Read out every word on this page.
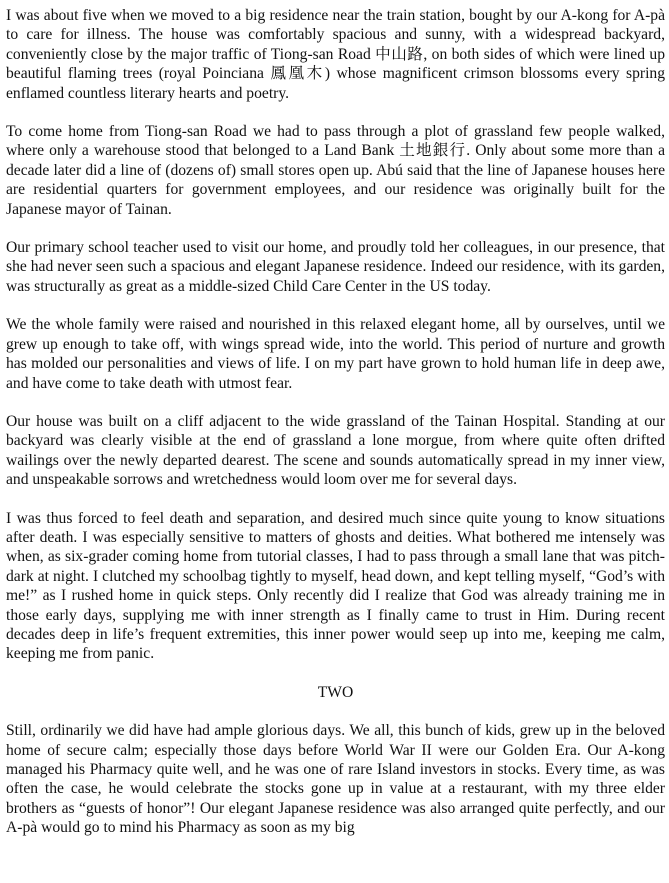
I was about five when we moved to a big residence near the train station, bought by our A-kong for A-pà to care for illness. The house was comfortably spacious and sunny, with a widespread backyard, conveniently close by the major traffic of Tiong-san Road 中山路, on both sides of which were lined up beautiful flaming trees (royal Poinciana 鳳凰木) whose magnificent crimson blossoms every spring enflamed countless literary hearts and poetry.

To come home from Tiong-san Road we had to pass through a plot of grassland few people walked, where only a warehouse stood that belonged to a Land Bank 土地銀行. Only about some more than a decade later did a line of (dozens of) small stores open up. Abú said that the line of Japanese houses here are residential quarters for government employees, and our residence was originally built for the Japanese mayor of Tainan.

Our primary school teacher used to visit our home, and proudly told her colleagues, in our presence, that she had never seen such a spacious and elegant Japanese residence. Indeed our residence, with its garden, was structurally as great as a middle-sized Child Care Center in the US today.

We the whole family were raised and nourished in this relaxed elegant home, all by ourselves, until we grew up enough to take off, with wings spread wide, into the world. This period of nurture and growth has molded our personalities and views of life. I on my part have grown to hold human life in deep awe, and have come to take death with utmost fear.

Our house was built on a cliff adjacent to the wide grassland of the Tainan Hospital. Standing at our backyard was clearly visible at the end of grassland a lone morgue, from where quite often drifted wailings over the newly departed dearest. The scene and sounds automatically spread in my inner view, and unspeakable sorrows and wretchedness would loom over me for several days.

I was thus forced to feel death and separation, and desired much since quite young to know situations after death. I was especially sensitive to matters of ghosts and deities. What bothered me intensely was when, as six-grader coming home from tutorial classes, I had to pass through a small lane that was pitch-dark at night. I clutched my schoolbag tightly to myself, head down, and kept telling myself, “God’s with me!” as I rushed home in quick steps. Only recently did I realize that God was already training me in those early days, supplying me with inner strength as I finally came to trust in Him. During recent decades deep in life’s frequent extremities, this inner power would seep up into me, keeping me calm, keeping me from panic.

TWO

Still, ordinarily we did have had ample glorious days. We all, this bunch of kids, grew up in the beloved home of secure calm; especially those days before World War II were our Golden Era. Our A-kong managed his Pharmacy quite well, and he was one of rare Island investors in stocks. Every time, as was often the case, he would celebrate the stocks gone up in value at a restaurant, with my three elder brothers as “guests of honor”! Our elegant Japanese residence was also arranged quite perfectly, and our A-pà would go to mind his Pharmacy as soon as my big
